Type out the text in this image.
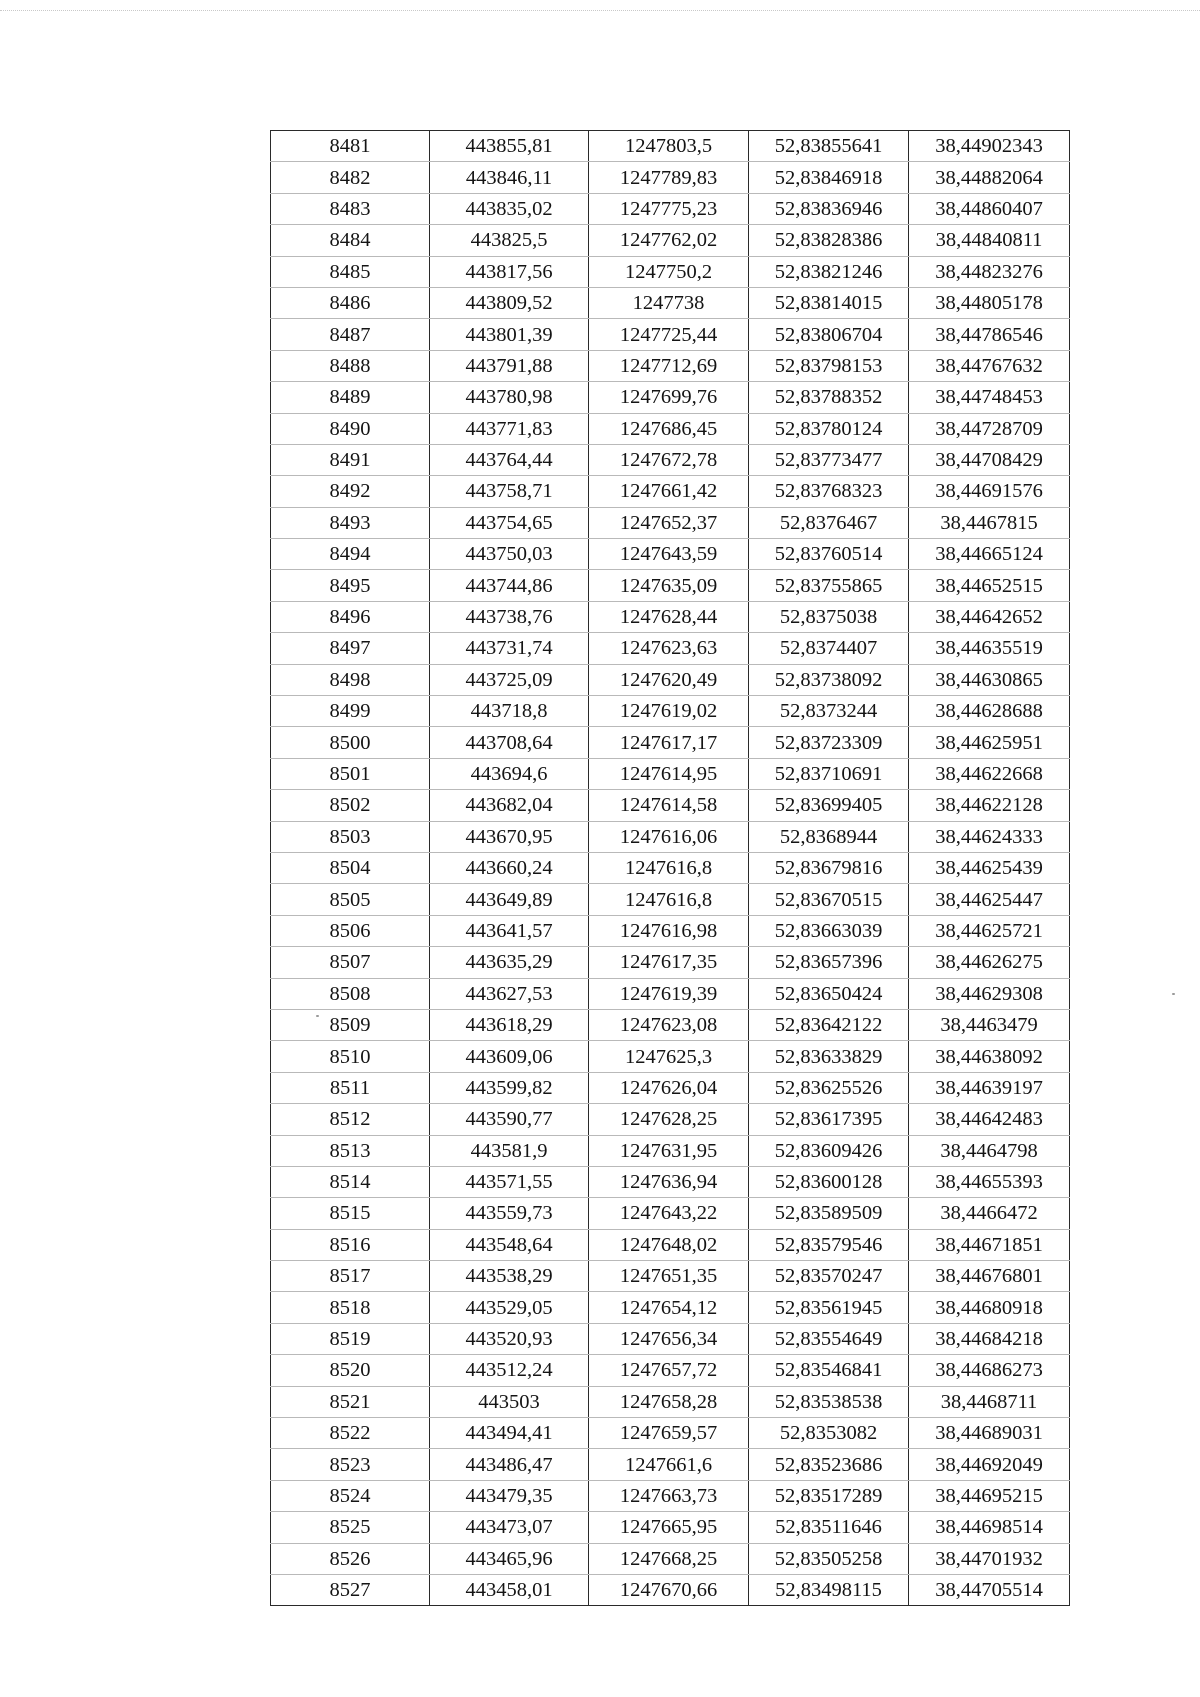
8481	443855,81	1247803,5	52,83855641	38,44902343
8482	443846,11	1247789,83	52,83846918	38,44882064
8483	443835,02	1247775,23	52,83836946	38,44860407
8484	443825,5	1247762,02	52,83828386	38,44840811
8485	443817,56	1247750,2	52,83821246	38,44823276
8486	443809,52	1247738	52,83814015	38,44805178
8487	443801,39	1247725,44	52,83806704	38,44786546
8488	443791,88	1247712,69	52,83798153	38,44767632
8489	443780,98	1247699,76	52,83788352	38,44748453
8490	443771,83	1247686,45	52,83780124	38,44728709
8491	443764,44	1247672,78	52,83773477	38,44708429
8492	443758,71	1247661,42	52,83768323	38,44691576
8493	443754,65	1247652,37	52,8376467	38,4467815
8494	443750,03	1247643,59	52,83760514	38,44665124
8495	443744,86	1247635,09	52,83755865	38,44652515
8496	443738,76	1247628,44	52,8375038	38,44642652
8497	443731,74	1247623,63	52,8374407	38,44635519
8498	443725,09	1247620,49	52,83738092	38,44630865
8499	443718,8	1247619,02	52,8373244	38,44628688
8500	443708,64	1247617,17	52,83723309	38,44625951
8501	443694,6	1247614,95	52,83710691	38,44622668
8502	443682,04	1247614,58	52,83699405	38,44622128
8503	443670,95	1247616,06	52,8368944	38,44624333
8504	443660,24	1247616,8	52,83679816	38,44625439
8505	443649,89	1247616,8	52,83670515	38,44625447
8506	443641,57	1247616,98	52,83663039	38,44625721
8507	443635,29	1247617,35	52,83657396	38,44626275
8508	443627,53	1247619,39	52,83650424	38,44629308
8509	443618,29	1247623,08	52,83642122	38,4463479
8510	443609,06	1247625,3	52,83633829	38,44638092
8511	443599,82	1247626,04	52,83625526	38,44639197
8512	443590,77	1247628,25	52,83617395	38,44642483
8513	443581,9	1247631,95	52,83609426	38,4464798
8514	443571,55	1247636,94	52,83600128	38,44655393
8515	443559,73	1247643,22	52,83589509	38,4466472
8516	443548,64	1247648,02	52,83579546	38,44671851
8517	443538,29	1247651,35	52,83570247	38,44676801
8518	443529,05	1247654,12	52,83561945	38,44680918
8519	443520,93	1247656,34	52,83554649	38,44684218
8520	443512,24	1247657,72	52,83546841	38,44686273
8521	443503	1247658,28	52,83538538	38,4468711
8522	443494,41	1247659,57	52,8353082	38,44689031
8523	443486,47	1247661,6	52,83523686	38,44692049
8524	443479,35	1247663,73	52,83517289	38,44695215
8525	443473,07	1247665,95	52,83511646	38,44698514
8526	443465,96	1247668,25	52,83505258	38,44701932
8527	443458,01	1247670,66	52,83498115	38,44705514
